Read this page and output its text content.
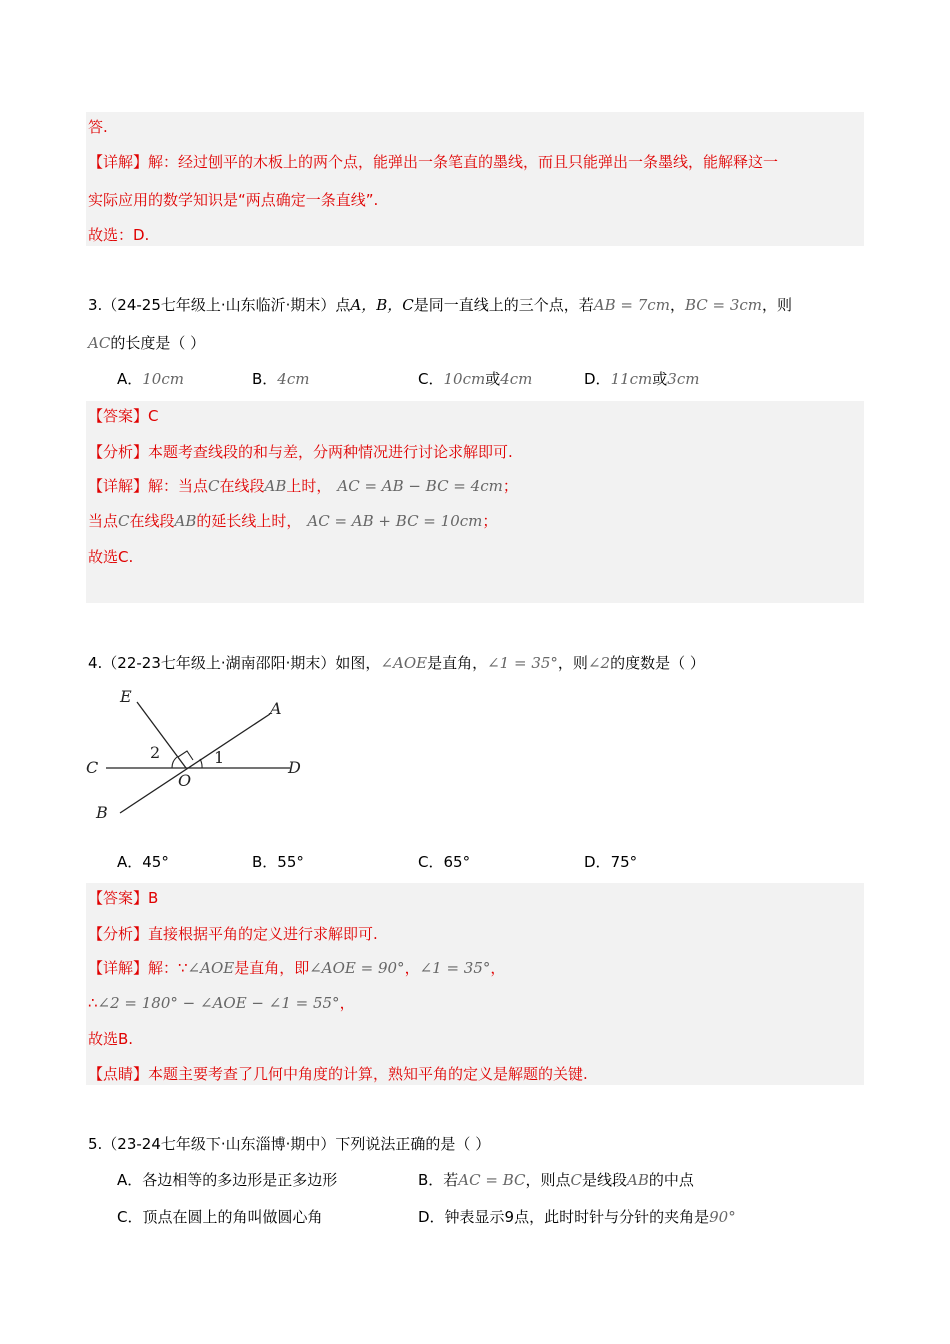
答.
【详解】解：经过刨平的木板上的两个点，能弹出一条笔直的墨线，而且只能弹出一条墨线，能解释这一
实际应用的数学知识是“两点确定一条直线”.
故选：D.
3.（24-25七年级上·山东临沂·期末）点A，B，C是同一直线上的三个点，若AB = 7cm，BC = 3cm，则
AC的长度是（ ）
A．10cm	B．4cm	C．10cm或4cm	D．11cm或3cm
【答案】C
【分析】本题考查线段的和与差，分两种情况进行讨论求解即可.
【详解】解：当点C在线段AB上时， AC = AB − BC = 4cm；
当点C在线段AB的延长线上时， AC = AB + BC = 10cm；
故选C.
4.（22-23七年级上·湖南邵阳·期末）如图，∠AOE是直角，∠1 = 35°，则∠2的度数是（ ）
E
A
C	D
O
B
1
2
A．45°	B．55°	C．65°	D．75°
【答案】B
【分析】直接根据平角的定义进行求解即可.
【详解】解：∵∠AOE是直角，即∠AOE = 90°，∠1 = 35°，
∴∠2 = 180° − ∠AOE − ∠1 = 55°，
故选B.
【点睛】本题主要考查了几何中角度的计算，熟知平角的定义是解题的关键.
5.（23-24七年级下·山东淄博·期中）下列说法正确的是（ ）
A．各边相等的多边形是正多边形	B．若AC = BC，则点C是线段AB的中点
C．顶点在圆上的角叫做圆心角	D．钟表显示9点，此时时针与分针的夹角是90°
